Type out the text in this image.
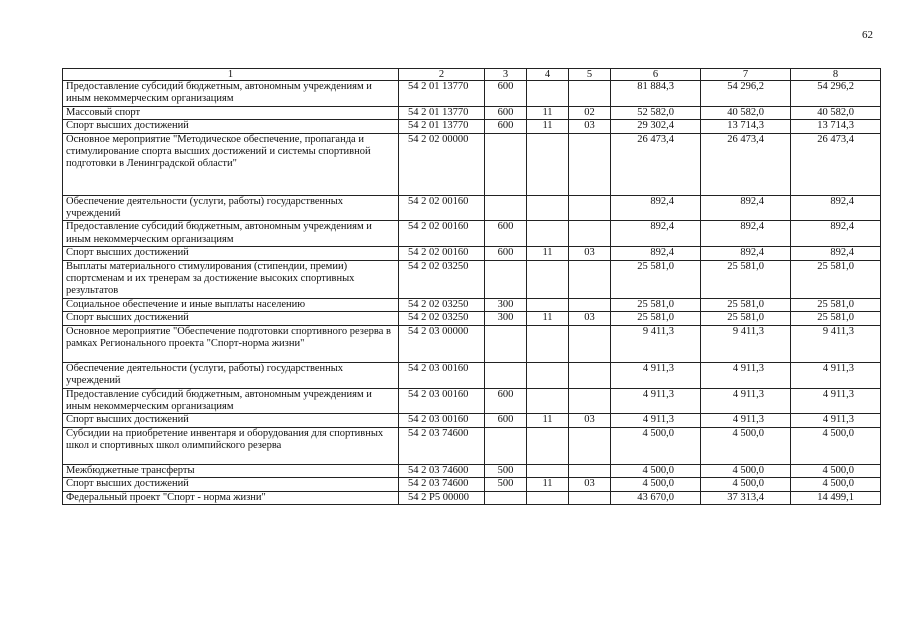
62
1	2	3	4	5	6	7	8
Предоставление субсидий бюджетным, автономным учреждениям и иным некоммерческим организациям	54 2 01 13770	600			81 884,3	54 296,2	54 296,2
Массовый спорт	54 2 01 13770	600	11	02	52 582,0	40 582,0	40 582,0
Спорт высших достижений	54 2 01 13770	600	11	03	29 302,4	13 714,3	13 714,3
Основное мероприятие "Методическое обеспечение, пропаганда и стимулирование спорта высших достижений и системы спортивной подготовки в Ленинградской области"	54 2 02 00000				26 473,4	26 473,4	26 473,4
Обеспечение деятельности (услуги, работы) государственных учреждений	54 2 02 00160				892,4	892,4	892,4
Предоставление субсидий бюджетным, автономным учреждениям и иным некоммерческим организациям	54 2 02 00160	600			892,4	892,4	892,4
Спорт высших достижений	54 2 02 00160	600	11	03	892,4	892,4	892,4
Выплаты материального стимулирования (стипендии, премии) спортсменам и их тренерам за достижение высоких спортивных результатов	54 2 02 03250				25 581,0	25 581,0	25 581,0
Социальное обеспечение и иные выплаты населению	54 2 02 03250	300			25 581,0	25 581,0	25 581,0
Спорт высших достижений	54 2 02 03250	300	11	03	25 581,0	25 581,0	25 581,0
Основное мероприятие "Обеспечение подготовки спортивного резерва в рамках Регионального проекта "Спорт-норма жизни"	54 2 03 00000				9 411,3	9 411,3	9 411,3
Обеспечение деятельности (услуги, работы) государственных учреждений	54 2 03 00160				4 911,3	4 911,3	4 911,3
Предоставление субсидий бюджетным, автономным учреждениям и иным некоммерческим организациям	54 2 03 00160	600			4 911,3	4 911,3	4 911,3
Спорт высших достижений	54 2 03 00160	600	11	03	4 911,3	4 911,3	4 911,3
Субсидии на приобретение инвентаря и оборудования для спортивных школ и спортивных школ олимпийского резерва	54 2 03 74600				4 500,0	4 500,0	4 500,0
Межбюджетные трансферты	54 2 03 74600	500			4 500,0	4 500,0	4 500,0
Спорт высших достижений	54 2 03 74600	500	11	03	4 500,0	4 500,0	4 500,0
Федеральный проект "Спорт - норма жизни"	54 2 P5 00000				43 670,0	37 313,4	14 499,1
